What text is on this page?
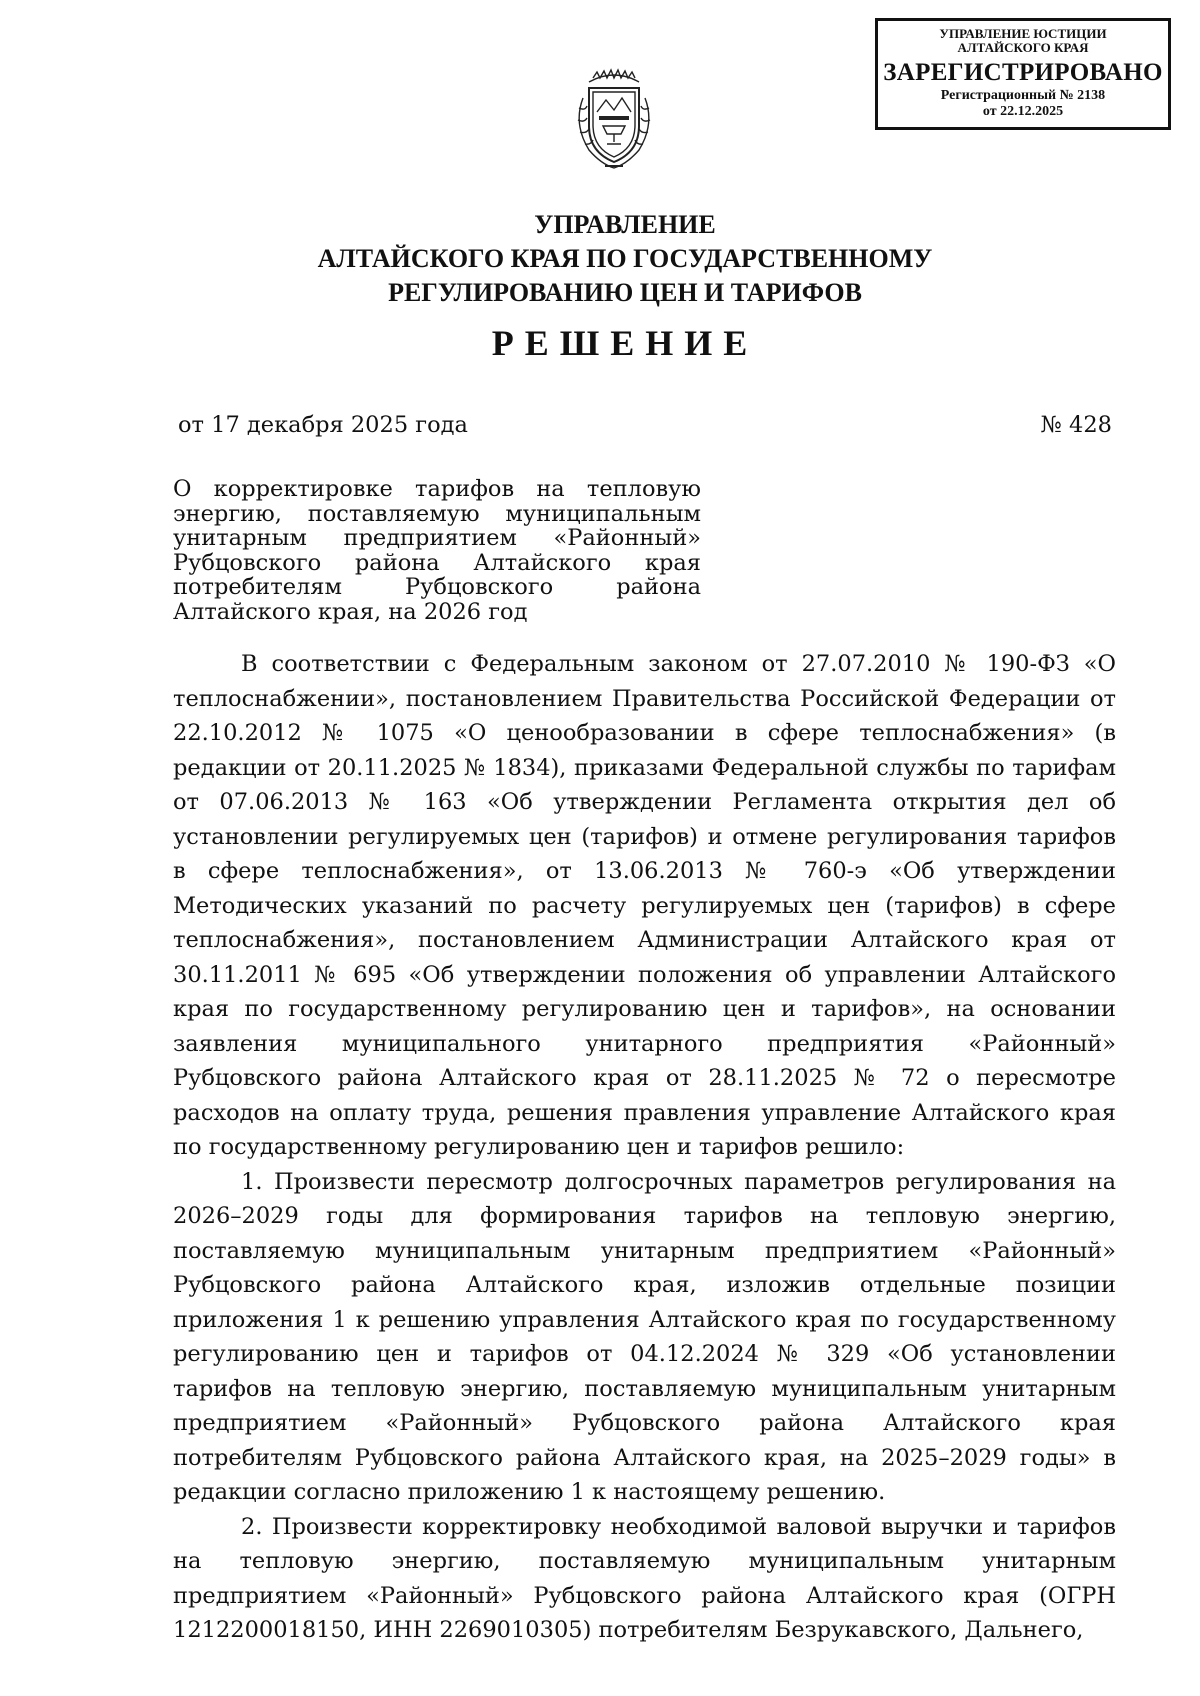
УПРАВЛЕНИЕ ЮСТИЦИИ
АЛТАЙСКОГО КРАЯ
ЗАРЕГИСТРИРОВАНО
Регистрационный № 2138
от 22.12.2025
УПРАВЛЕНИЕ
АЛТАЙСКОГО КРАЯ ПО ГОСУДАРСТВЕННОМУ
РЕГУЛИРОВАНИЮ ЦЕН И ТАРИФОВ
РЕШЕНИЕ
от 17 декабря 2025 года	№ 428
О корректировке тарифов на тепловую энергию, поставляемую муниципальным унитарным предприятием «Районный» Рубцовского района Алтайского края потребителям Рубцовского района Алтайского края, на 2026 год

В соответствии с Федеральным законом от 27.07.2010 № 190-ФЗ «О теплоснабжении», постановлением Правительства Российской Федерации от 22.10.2012 № 1075 «О ценообразовании в сфере теплоснабжения» (в редакции от 20.11.2025 № 1834), приказами Федеральной службы по тарифам от 07.06.2013 № 163 «Об утверждении Регламента открытия дел об установлении регулируемых цен (тарифов) и отмене регулирования тарифов в сфере теплоснабжения», от 13.06.2013 № 760-э «Об утверждении Методических указаний по расчету регулируемых цен (тарифов) в сфере теплоснабжения», постановлением Администрации Алтайского края от 30.11.2011 № 695 «Об утверждении положения об управлении Алтайского края по государственному регулированию цен и тарифов», на основании заявления муниципального унитарного предприятия «Районный» Рубцовского района Алтайского края от 28.11.2025 № 72 о пересмотре расходов на оплату труда, решения правления управление Алтайского края по государственному регулированию цен и тарифов решило:

1. Произвести пересмотр долгосрочных параметров регулирования на 2026–2029 годы для формирования тарифов на тепловую энергию, поставляемую муниципальным унитарным предприятием «Районный» Рубцовского района Алтайского края, изложив отдельные позиции приложения 1 к решению управления Алтайского края по государственному регулированию цен и тарифов от 04.12.2024 № 329 «Об установлении тарифов на тепловую энергию, поставляемую муниципальным унитарным предприятием «Районный» Рубцовского района Алтайского края потребителям Рубцовского района Алтайского края, на 2025–2029 годы» в редакции согласно приложению 1 к настоящему решению.

2. Произвести корректировку необходимой валовой выручки и тарифов на тепловую энергию, поставляемую муниципальным унитарным предприятием «Районный» Рубцовского района Алтайского края (ОГРН 1212200018150, ИНН 2269010305) потребителям Безрукавского, Дальнего,
